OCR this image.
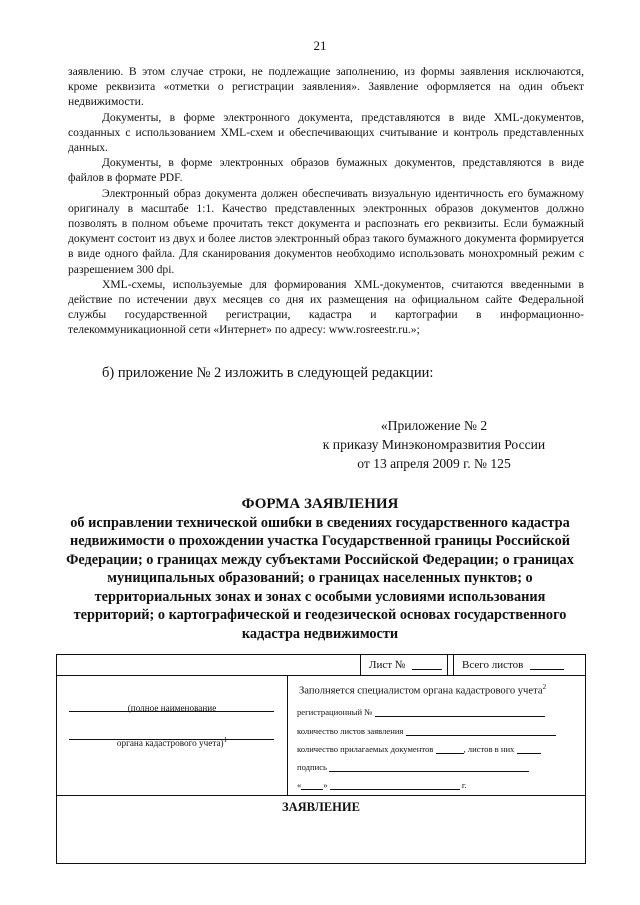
21

заявлению. В этом случае строки, не подлежащие заполнению, из формы заявления исключаются, кроме реквизита «отметки о регистрации заявления». Заявление оформляется на один объект недвижимости.

Документы, в форме электронного документа, представляются в виде XML-документов, созданных с использованием XML-схем и обеспечивающих считывание и контроль представленных данных.

Документы, в форме электронных образов бумажных документов, представляются в виде файлов в формате PDF.

Электронный образ документа должен обеспечивать визуальную идентичность его бумажному оригиналу в масштабе 1:1. Качество представленных электронных образов документов должно позволять в полном объеме прочитать текст документа и распознать его реквизиты. Если бумажный документ состоит из двух и более листов электронный образ такого бумажного документа формируется в виде одного файла. Для сканирования документов необходимо использовать монохромный режим с разрешением 300 dpi.

XML-схемы, используемые для формирования XML-документов, считаются введенными в действие по истечении двух месяцев со дня их размещения на официальном сайте Федеральной службы государственной регистрации, кадастра и картографии в информационно-телекоммуникационной сети «Интернет» по адресу: www.rosreestr.ru.»;

б) приложение № 2 изложить в следующей редакции:
«Приложение № 2
к приказу Минэкономразвития России
от 13 апреля 2009 г. № 125
ФОРМА ЗАЯВЛЕНИЯ
об исправлении технической ошибки в сведениях государственного кадастра недвижимости о прохождении участка Государственной границы Российской Федерации; о границах между субъектами Российской Федерации; о границах муниципальных образований; о границах населенных пунктов; о территориальных зонах и зонах с особыми условиями использования территорий; о картографической и геодезической основах государственного кадастра недвижимости
Лист №	Всего листов
(полное наименование
органа кадастрового учета)$^1$
Заполняется специалистом органа кадастрового учета$^2$
регистрационный №
количество листов заявления
количество прилагаемых документов	, листов в них
подпись
«	»	г.
ЗАЯВЛЕНИЕ
